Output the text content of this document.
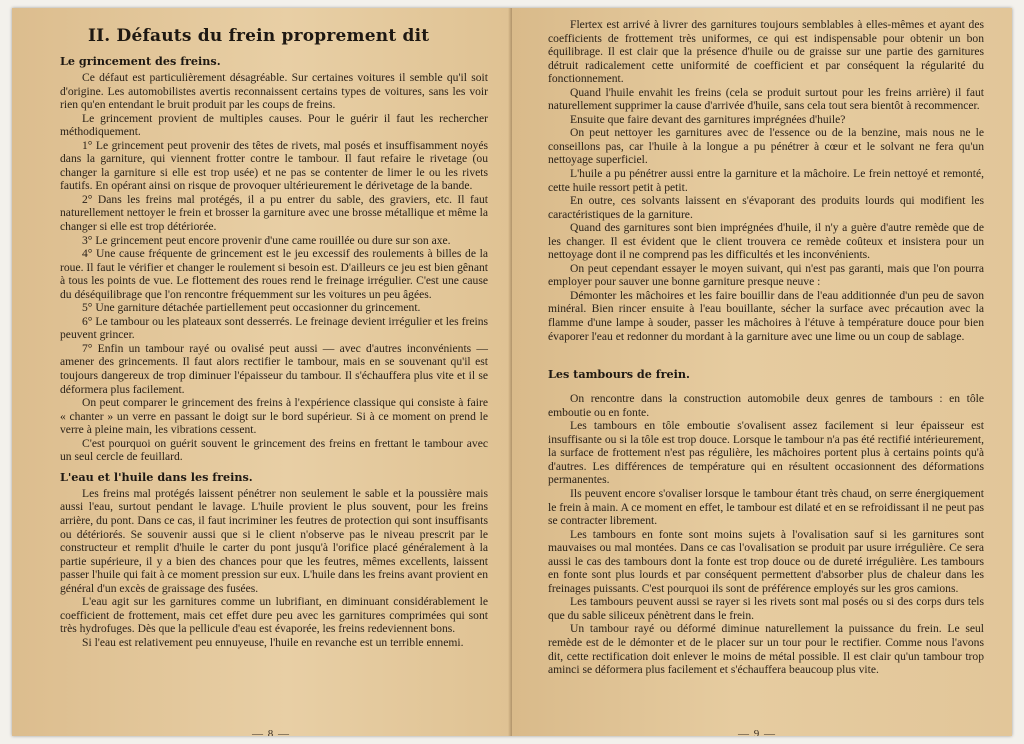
II. Défauts du frein proprement dit
Le grincement des freins.

Ce défaut est particulièrement désagréable. Sur certaines voitures il semble qu'il soit d'origine. Les automobilistes avertis reconnaissent certains types de voitures, sans les voir rien qu'en entendant le bruit produit par les coups de freins.

Le grincement provient de multiples causes. Pour le guérir il faut les rechercher méthodiquement.

1° Le grincement peut provenir des têtes de rivets, mal posés et insuffisamment noyés dans la garniture, qui viennent frotter contre le tambour. Il faut refaire le rivetage (ou changer la garniture si elle est trop usée) et ne pas se contenter de limer le ou les rivets fautifs. En opérant ainsi on risque de provoquer ultérieurement le dérivetage de la bande.

2° Dans les freins mal protégés, il a pu entrer du sable, des graviers, etc. Il faut naturellement nettoyer le frein et brosser la garniture avec une brosse métallique et même la changer si elle est trop détériorée.

3° Le grincement peut encore provenir d'une came rouillée ou dure sur son axe.

4° Une cause fréquente de grincement est le jeu excessif des roulements à billes de la roue. Il faut le vérifier et changer le roulement si besoin est. D'ailleurs ce jeu est bien gênant à tous les points de vue. Le flottement des roues rend le freinage irrégulier. C'est une cause du déséquilibrage que l'on rencontre fréquemment sur les voitures un peu âgées.

5° Une garniture détachée partiellement peut occasionner du grincement.

6° Le tambour ou les plateaux sont desserrés. Le freinage devient irrégulier et les freins peuvent grincer.

7° Enfin un tambour rayé ou ovalisé peut aussi — avec d'autres inconvénients — amener des grincements. Il faut alors rectifier le tambour, mais en se souvenant qu'il est toujours dangereux de trop diminuer l'épaisseur du tambour. Il s'échauffera plus vite et il se déformera plus facilement.

On peut comparer le grincement des freins à l'expérience classique qui consiste à faire « chanter » un verre en passant le doigt sur le bord supérieur. Si à ce moment on prend le verre à pleine main, les vibrations cessent.

C'est pourquoi on guérit souvent le grincement des freins en frettant le tambour avec un seul cercle de feuillard.

L'eau et l'huile dans les freins.

Les freins mal protégés laissent pénétrer non seulement le sable et la poussière mais aussi l'eau, surtout pendant le lavage. L'huile provient le plus souvent, pour les freins arrière, du pont. Dans ce cas, il faut incriminer les feutres de protection qui sont insuffisants ou détériorés. Se souvenir aussi que si le client n'observe pas le niveau prescrit par le constructeur et remplit d'huile le carter du pont jusqu'à l'orifice placé généralement à la partie supérieure, il y a bien des chances pour que les feutres, mêmes excellents, laissent passer l'huile qui fait à ce moment pression sur eux. L'huile dans les freins avant provient en général d'un excès de graissage des fusées.

L'eau agit sur les garnitures comme un lubrifiant, en diminuant considérablement le coefficient de frottement, mais cet effet dure peu avec les garnitures comprimées qui sont très hydrofuges. Dès que la pellicule d'eau est évaporée, les freins redeviennent bons.

Si l'eau est relativement peu ennuyeuse, l'huile en revanche est un terrible ennemi.

— 8 —

Flertex est arrivé à livrer des garnitures toujours semblables à elles-mêmes et ayant des coefficients de frottement très uniformes, ce qui est indispensable pour obtenir un bon équilibrage. Il est clair que la présence d'huile ou de graisse sur une partie des garnitures détruit radicalement cette uniformité de coefficient et par conséquent la régularité du fonctionnement.

Quand l'huile envahit les freins (cela se produit surtout pour les freins arrière) il faut naturellement supprimer la cause d'arrivée d'huile, sans cela tout sera bientôt à recommencer.

Ensuite que faire devant des garnitures imprégnées d'huile?

On peut nettoyer les garnitures avec de l'essence ou de la benzine, mais nous ne le conseillons pas, car l'huile à la longue a pu pénétrer à cœur et le solvant ne fera qu'un nettoyage superficiel.

L'huile a pu pénétrer aussi entre la garniture et la mâchoire. Le frein nettoyé et remonté, cette huile ressort petit à petit.

En outre, ces solvants laissent en s'évaporant des produits lourds qui modifient les caractéristiques de la garniture.

Quand des garnitures sont bien imprégnées d'huile, il n'y a guère d'autre remède que de les changer. Il est évident que le client trouvera ce remède coûteux et insistera pour un nettoyage dont il ne comprend pas les difficultés et les inconvénients.

On peut cependant essayer le moyen suivant, qui n'est pas garanti, mais que l'on pourra employer pour sauver une bonne garniture presque neuve :

Démonter les mâchoires et les faire bouillir dans de l'eau additionnée d'un peu de savon minéral. Bien rincer ensuite à l'eau bouillante, sécher la surface avec précaution avec la flamme d'une lampe à souder, passer les mâchoires à l'étuve à température douce pour bien évaporer l'eau et redonner du mordant à la garniture avec une lime ou un coup de sablage.

Les tambours de frein.

On rencontre dans la construction automobile deux genres de tambours : en tôle emboutie ou en fonte.

Les tambours en tôle emboutie s'ovalisent assez facilement si leur épaisseur est insuffisante ou si la tôle est trop douce. Lorsque le tambour n'a pas été rectifié intérieurement, la surface de frottement n'est pas régulière, les mâchoires portent plus à certains points qu'à d'autres. Les différences de température qui en résultent occasionnent des déformations permanentes.

Ils peuvent encore s'ovaliser lorsque le tambour étant très chaud, on serre énergiquement le frein à main. A ce moment en effet, le tambour est dilaté et en se refroidissant il ne peut pas se contracter librement.

Les tambours en fonte sont moins sujets à l'ovalisation sauf si les garnitures sont mauvaises ou mal montées. Dans ce cas l'ovalisation se produit par usure irrégulière. Ce sera aussi le cas des tambours dont la fonte est trop douce ou de dureté irrégulière. Les tambours en fonte sont plus lourds et par conséquent permettent d'absorber plus de chaleur dans les freinages puissants. C'est pourquoi ils sont de préférence employés sur les gros camions.

Les tambours peuvent aussi se rayer si les rivets sont mal posés ou si des corps durs tels que du sable siliceux pénètrent dans le frein.

Un tambour rayé ou déformé diminue naturellement la puissance du frein. Le seul remède est de le démonter et de le placer sur un tour pour le rectifier. Comme nous l'avons dit, cette rectification doit enlever le moins de métal possible. Il est clair qu'un tambour trop aminci se déformera plus facilement et s'échauffera beaucoup plus vite.

— 9 —
